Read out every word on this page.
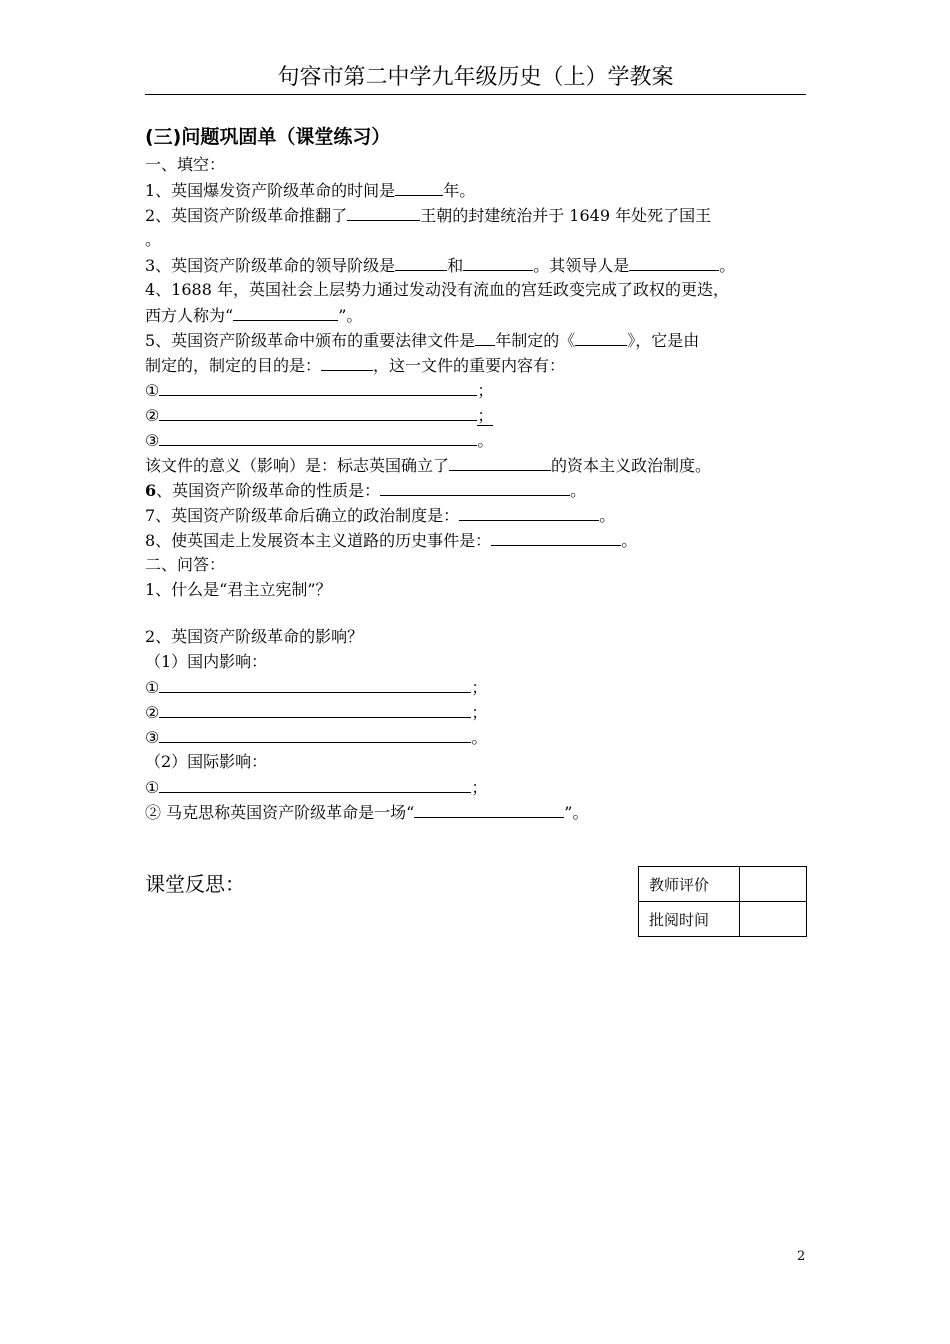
句容市第二中学九年级历史（上）学教案
(三)问题巩固单（课堂练习）
一、填空：
1、英国爆发资产阶级革命的时间是	年。
2、英国资产阶级革命推翻了	王朝的封建统治并于 1649 年处死了国王
。
3、英国资产阶级革命的领导阶级是	和	。其领导人是	。
4、1688 年，英国社会上层势力通过发动没有流血的宫廷政变完成了政权的更迭，
西方人称为“	”。
5、英国资产阶级革命中颁布的重要法律文件是 年制定的《	》，它是由
制定的，制定的目的是：	，这一文件的重要内容有：
①	；
②	；
③	。
该文件的意义（影响）是：标志英国确立了	的资本主义政治制度。
6、英国资产阶级革命的性质是：	。
7、英国资产阶级革命后确立的政治制度是：	。
8、使英国走上发展资本主义道路的历史事件是：	。
二、问答：
1、什么是“君主立宪制”？
2、英国资产阶级革命的影响？
（1）国内影响：
①	；
②	；
③	。
（2）国际影响：
①	；
② 马克思称英国资产阶级革命是一场“	”。
课堂反思：	教师评价	
批阅时间	
2
